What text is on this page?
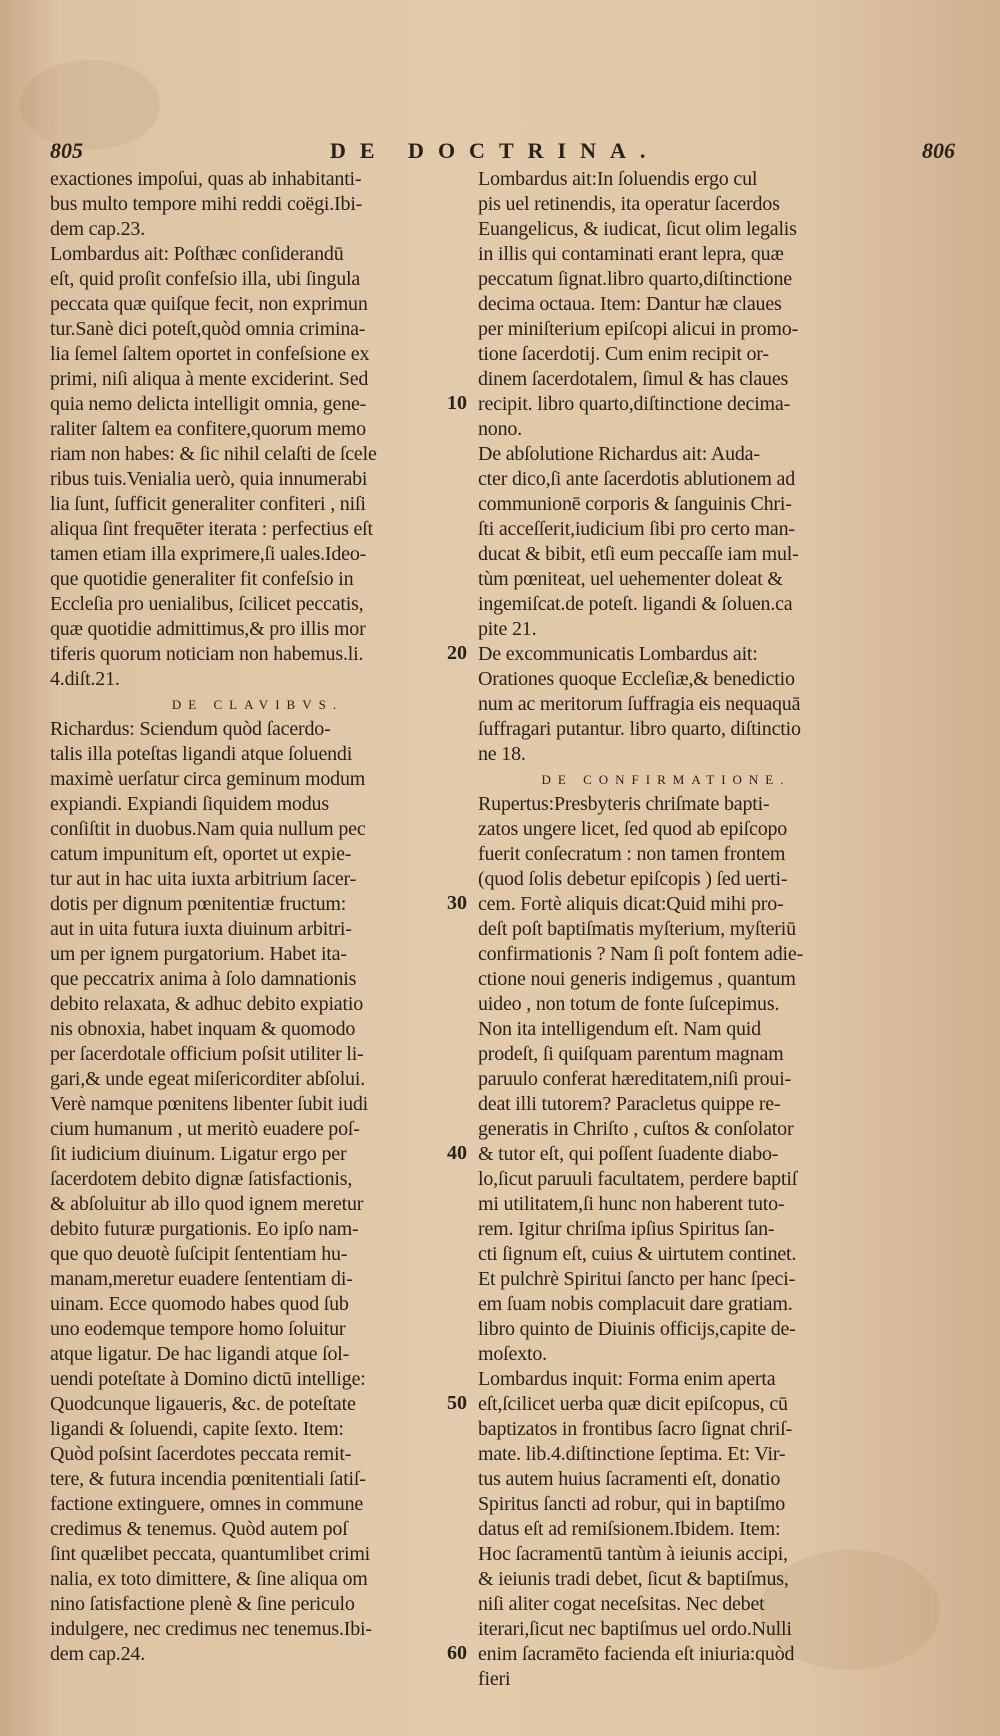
805	DE DOCTRINA.	806
exactiones impoſui, quas ab inhabitanti-
bus multo tempore mihi reddi coëgi.Ibi-
dem cap.23.
Lombardus ait: Poſthæc conſiderandū
eſt, quid proſit confeſsio illa, ubi ſingula
peccata quæ quiſque fecit, non exprimun
tur.Sanè dici poteſt,quòd omnia crimina-
lia ſemel ſaltem oportet in confeſsione ex
primi, niſi aliqua à mente exciderint. Sed
quia nemo delicta intelligit omnia, gene-
raliter ſaltem ea confitere,quorum memo
riam non habes: & ſic nihil celaſti de ſcele
ribus tuis.Venialia uerò, quia innumerabi
lia ſunt, ſufficit generaliter confiteri , niſi
aliqua ſint frequēter iterata : perfectius eſt
tamen etiam illa exprimere,ſi uales.Ideo-
que quotidie generaliter fit confeſsio in
Eccleſia pro uenialibus, ſcilicet peccatis,
quæ quotidie admittimus,& pro illis mor
tiferis quorum noticiam non habemus.li.
4.diſt.21.
DE CLAVIBVS.
Richardus: Sciendum quòd ſacerdo-
talis illa poteſtas ligandi atque ſoluendi
maximè uerſatur circa geminum modum
expiandi. Expiandi ſiquidem modus
conſiſtit in duobus.Nam quia nullum pec
catum impunitum eſt, oportet ut expie-
tur aut in hac uita iuxta arbitrium ſacer-
dotis per dignum pœnitentiæ fructum:
aut in uita futura iuxta diuinum arbitri-
um per ignem purgatorium. Habet ita-
que peccatrix anima à ſolo damnationis
debito relaxata, & adhuc debito expiatio
nis obnoxia, habet inquam & quomodo
per ſacerdotale officium poſsit utiliter li-
gari,& unde egeat miſericorditer abſolui.
Verè namque pœnitens libenter ſubit iudi
cium humanum , ut meritò euadere poſ-
ſit iudicium diuinum. Ligatur ergo per
ſacerdotem debito dignæ ſatisfactionis,
& abſoluitur ab illo quod ignem meretur
debito futuræ purgationis. Eo ipſo nam-
que quo deuotè ſuſcipit ſententiam hu-
manam,meretur euadere ſententiam di-
uinam. Ecce quomodo habes quod ſub
uno eodemque tempore homo ſoluitur
atque ligatur. De hac ligandi atque ſol-
uendi poteſtate à Domino dictū intellige:
Quodcunque ligaueris, &c. de poteſtate
ligandi & ſoluendi, capite ſexto. Item:
Quòd poſsint ſacerdotes peccata remit-
tere, & futura incendia pœnitentiali ſatiſ-
factione extinguere, omnes in commune
credimus & tenemus. Quòd autem poſ
ſint quælibet peccata, quantumlibet crimi
nalia, ex toto dimittere, & ſine aliqua om
nino ſatisfactione plenè & ſine periculo
indulgere, nec credimus nec tenemus.Ibi-
dem cap.24.
Lombardus ait:In ſoluendis ergo cul
pis uel retinendis, ita operatur ſacerdos
Euangelicus, & iudicat, ſicut olim legalis
in illis qui contaminati erant lepra, quæ
peccatum ſignat.libro quarto,diſtinctione
decima octaua. Item: Dantur hæ claues
per miniſterium epiſcopi alicui in promo-
tione ſacerdotij. Cum enim recipit or-
dinem ſacerdotalem, ſimul & has claues
recipit. libro quarto,diſtinctione decima-
nono.
De abſolutione Richardus ait: Auda-
cter dico,ſi ante ſacerdotis ablutionem ad
communionē corporis & ſanguinis Chri-
ſti acceſſerit,iudicium ſibi pro certo man-
ducat & bibit, etſi eum peccaſſe iam mul-
tùm pœniteat, uel uehementer doleat &
ingemiſcat.de poteſt. ligandi & ſoluen.ca
pite 21.
De excommunicatis Lombardus ait:
Orationes quoque Eccleſiæ,& benedictio
num ac meritorum ſuffragia eis nequaquā
ſuffragari putantur. libro quarto, diſtinctio
ne 18.
DE CONFIRMATIONE.
Rupertus:Presbyteris chriſmate bapti-
zatos ungere licet, ſed quod ab epiſcopo
fuerit conſecratum : non tamen frontem
(quod ſolis debetur epiſcopis ) ſed uerti-
cem. Fortè aliquis dicat:Quid mihi pro-
deſt poſt baptiſmatis myſterium, myſteriū
confirmationis ? Nam ſi poſt fontem adie-
ctione noui generis indigemus , quantum
uideo , non totum de fonte ſuſcepimus.
Non ita intelligendum eſt. Nam quid
prodeſt, ſi quiſquam parentum magnam
paruulo conferat hæreditatem,niſi proui-
deat illi tutorem? Paracletus quippe re-
generatis in Chriſto , cuſtos & conſolator
& tutor eſt, qui poſſent ſuadente diabo-
lo,ſicut paruuli facultatem, perdere baptiſ
mi utilitatem,ſi hunc non haberent tuto-
rem. Igitur chriſma ipſius Spiritus ſan-
cti ſignum eſt, cuius & uirtutem continet.
Et pulchrè Spiritui ſancto per hanc ſpeci-
em ſuam nobis complacuit dare gratiam.
libro quinto de Diuinis officijs,capite de-
moſexto.
Lombardus inquit: Forma enim aperta
eſt,ſcilicet uerba quæ dicit epiſcopus, cū
baptizatos in frontibus ſacro ſignat chriſ-
mate. lib.4.diſtinctione ſeptima. Et: Vir-
tus autem huius ſacramenti eſt, donatio
Spiritus ſancti ad robur, qui in baptiſmo
datus eſt ad remiſsionem.Ibidem. Item:
Hoc ſacramentū tantùm à ieiunis accipi,
& ieiunis tradi debet, ſicut & baptiſmus,
niſi aliter cogat neceſsitas. Nec debet
iterari,ſicut nec baptiſmus uel ordo.Nulli
enim ſacramēto facienda eſt iniuria:quòd
fieri
10
20
30
40
50
60
